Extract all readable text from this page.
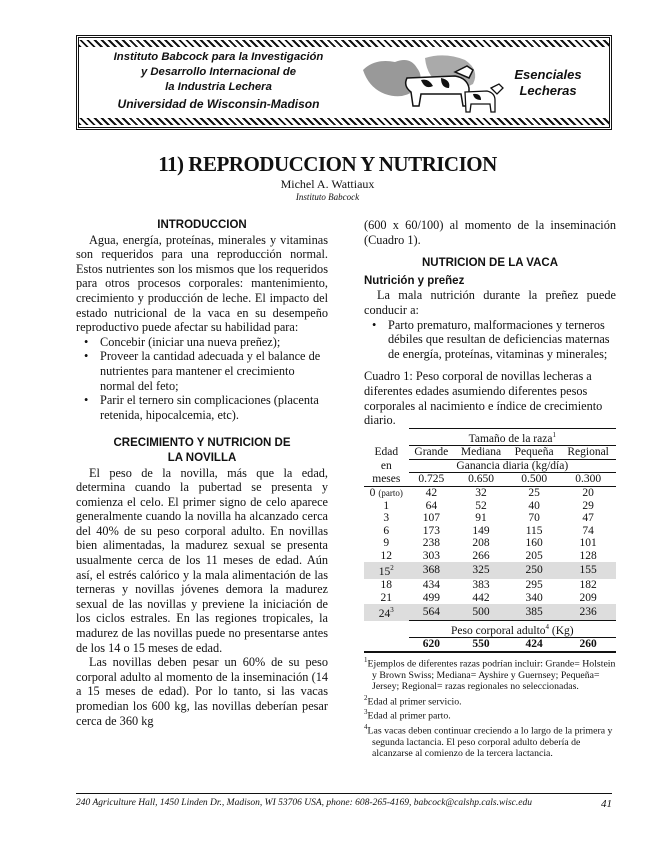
Instituto Babcock para la Investigación
y Desarrollo Internacional de
la Industria Lechera
Universidad de Wisconsin-Madison
Esenciales
Lecheras
11) REPRODUCCION Y NUTRICION
Michel A. Wattiaux
Instituto Babcock

INTRODUCCION

Agua, energía, proteínas, minerales y vitaminas son requeridos para una reproducción normal. Estos nutrientes son los mismos que los requeridos para otros procesos corporales: mantenimiento, crecimiento y producción de leche. El impacto del estado nutricional de la vaca en su desempeño reproductivo puede afectar su habilidad para:

• Concebir (iniciar una nueva preñez);
• Proveer la cantidad adecuada y el balance de nutrientes para mantener el crecimiento normal del feto;
• Parir el ternero sin complicaciones (placenta retenida, hipocalcemia, etc).

CRECIMIENTO Y NUTRICION DE
LA NOVILLA

El peso de la novilla, más que la edad, determina cuando la pubertad se presenta y comienza el celo. El primer signo de celo aparece generalmente cuando la novilla ha alcanzado cerca del 40% de su peso corporal adulto. En novillas bien alimentadas, la madurez sexual se presenta usualmente cerca de los 11 meses de edad. Aún así, el estrés calórico y la mala alimentación de las terneras y novillas jóvenes demora la madurez sexual de las novillas y previene la iniciación de los ciclos estrales. En las regiones tropicales, la madurez de las novillas puede no presentarse antes de los 14 o 15 meses de edad.

Las novillas deben pesar un 60% de su peso corporal adulto al momento de la inseminación (14 a 15 meses de edad). Por lo tanto, si las vacas promedian los 600 kg, las novillas deberían pesar cerca de 360 kg

(600 x 60/100) al momento de la inseminación (Cuadro 1).

NUTRICION DE LA VACA

Nutrición y preñez

La mala nutrición durante la preñez puede conducir a:

• Parto prematuro, malformaciones y terneros débiles que resultan de deficiencias maternas de energía, proteínas, vitaminas y minerales;

Cuadro 1: Peso corporal de novillas lecheras a diferentes edades asumiendo diferentes pesos corporales al nacimiento e índice de crecimiento diario.

	Tamaño de la raza$^1$
Edad	Grande	Mediana	Pequeña	Regional
en	Ganancia diaria (kg/día)			
meses	0.725	0.650	0.500	0.300
0 (parto)	42	32	25	20
1	64	52	40	29
3	107	91	70	47
6	173	149	115	74
9	238	208	160	101
12	303	266	205	128
$15^2$	368	325	250	155
18	434	383	295	182
21	499	442	340	209
$24^3$	564	500	385	236
	Peso corporal adulto$^4$ (Kg)			
	620	550	424	260
$^1$Ejemplos de diferentes razas podrían incluir: Grande= Holstein y Brown Swiss; Mediana= Ayshire y Guernsey; Pequeña= Jersey; Regional= razas regionales no seleccionadas.
$^2$Edad al primer servicio.
$^3$Edad al primer parto.
$^4$Las vacas deben continuar creciendo a lo largo de la primera y segunda lactancia. El peso corporal adulto debería de alcanzarse al comienzo de la tercera lactancia.
240 Agriculture Hall, 1450 Linden Dr., Madison, WI 53706 USA, phone: 608-265-4169, babcock@calshp.cals.wisc.edu	41
